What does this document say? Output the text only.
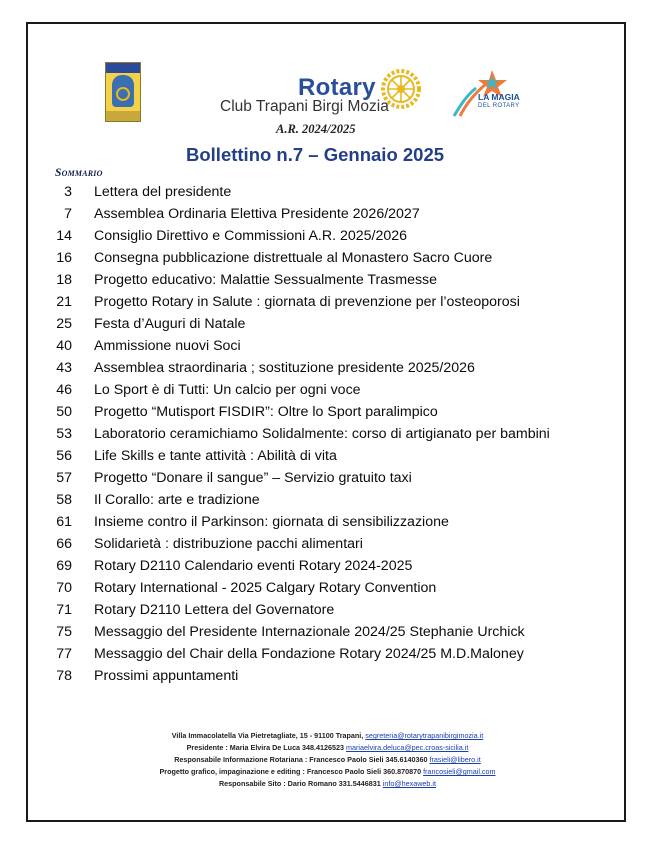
Rotary
Club Trapani Birgi Mozia
LA MAGIA
DEL ROTARY
A.R. 2024/2025
Bollettino n.7 – Gennaio 2025
Sommario
3 Lettera del presidente
7 Assemblea Ordinaria Elettiva Presidente 2026/2027
14 Consiglio Direttivo e Commissioni A.R. 2025/2026
16 Consegna pubblicazione distrettuale al Monastero Sacro Cuore
18 Progetto educativo: Malattie Sessualmente Trasmesse
21 Progetto Rotary in Salute : giornata di prevenzione per l’osteoporosi
25 Festa d’Auguri di Natale
40 Ammissione nuovi Soci
43 Assemblea straordinaria ; sostituzione presidente 2025/2026
46 Lo Sport è di Tutti: Un calcio per ogni voce
50 Progetto “Mutisport FISDIR”: Oltre lo Sport paralimpico
53 Laboratorio ceramichiamo Solidalmente: corso di artigianato per bambini
56 Life Skills e tante attività : Abilità di vita
57 Progetto “Donare il sangue” – Servizio gratuito taxi
58 Il Corallo: arte e tradizione
61 Insieme contro il Parkinson: giornata di sensibilizzazione
66 Solidarietà : distribuzione pacchi alimentari
69 Rotary D2110 Calendario eventi Rotary 2024-2025
70 Rotary International - 2025 Calgary Rotary Convention
71 Rotary D2110 Lettera del Governatore
75 Messaggio del Presidente Internazionale 2024/25 Stephanie Urchick
77 Messaggio del Chair della Fondazione Rotary 2024/25 M.D.Maloney
78 Prossimi appuntamenti
Villa Immacolatella Via Pietretagliate, 15 - 91100 Trapani, segreteria@rotarytrapanibirgimozia.it
Presidente : Maria Elvira De Luca 348.4126523 mariaelvira.deluca@pec.croas-sicilia.it
Responsabile Informazione Rotariana : Francesco Paolo Sieli 345.6140360 frasieli@libero.it
Progetto grafico, impaginazione e editing : Francesco Paolo Sieli 360.870870 francosieli@gmail.com
Responsabile Sito : Dario Romano 331.5446831 info@hexaweb.it
